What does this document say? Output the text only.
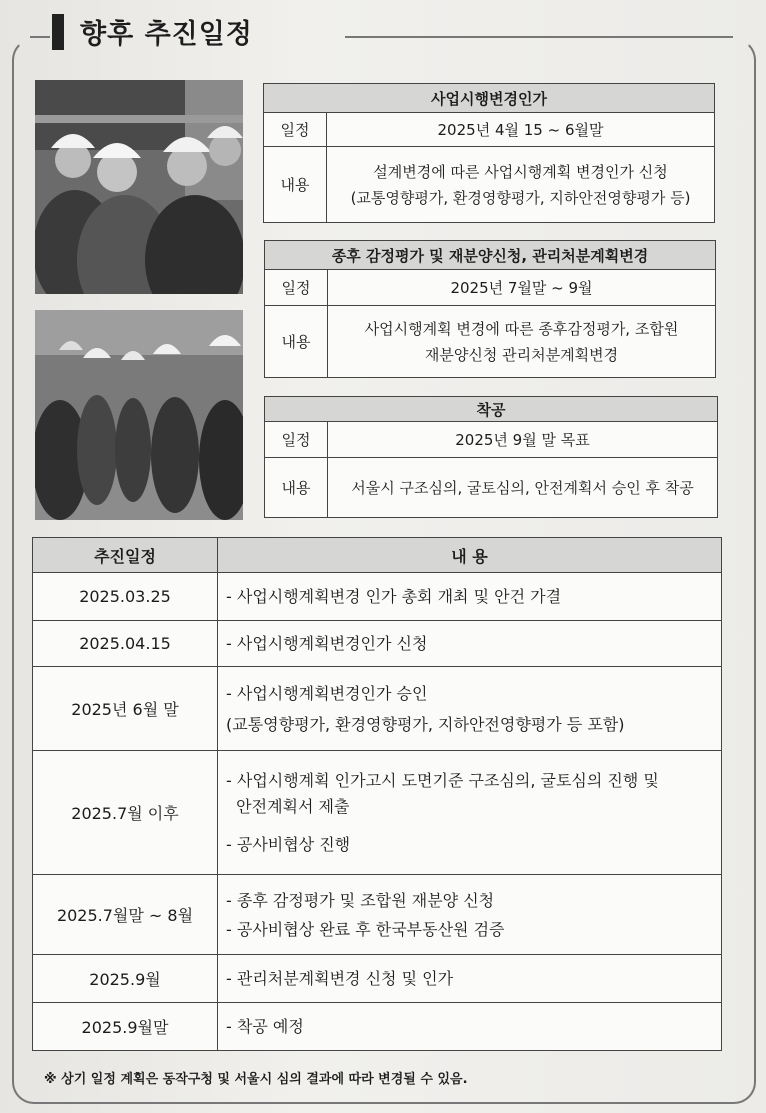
향후 추진일정
사업시행변경인가	
일정	2025년 4월 15 ~ 6월말
내용	설계변경에 따른 사업시행계획 변경인가 신청
(교통영향평가, 환경영향평가, 지하안전영향평가 등)
종후 감정평가 및 재분양신청, 관리처분계획변경	
일정	2025년 7월말 ~ 9월
내용	사업시행계획 변경에 따른 종후감정평가, 조합원
재분양신청 관리처분계획변경
착공	
일정	2025년 9월 말 목표
내용	서울시 구조심의, 굴토심의, 안전계획서 승인 후 착공
추진일정	내 용
2025.03.25	- 사업시행계획변경 인가 총회 개최 및 안건 가결

2025.04.15	- 사업시행계획변경인가 신청

2025년 6월 말	- 사업시행계획변경인가 승인
(교통영향평가, 환경영향평가, 지하안전영향평가 등 포함)

2025.7월 이후	- 사업시행계획 인가고시 도면기준 구조심의, 굴토심의 진행 및
안전계획서 제출
- 공사비협상 진행

2025.7월말 ~ 8월	- 종후 감정평가 및 조합원 재분양 신청
- 공사비협상 완료 후 한국부동산원 검증

2025.9월	- 관리처분계획변경 신청 및 인가

2025.9월말	- 착공 예정
※ 상기 일정 계획은 동작구청 및 서울시 심의 결과에 따라 변경될 수 있음.
